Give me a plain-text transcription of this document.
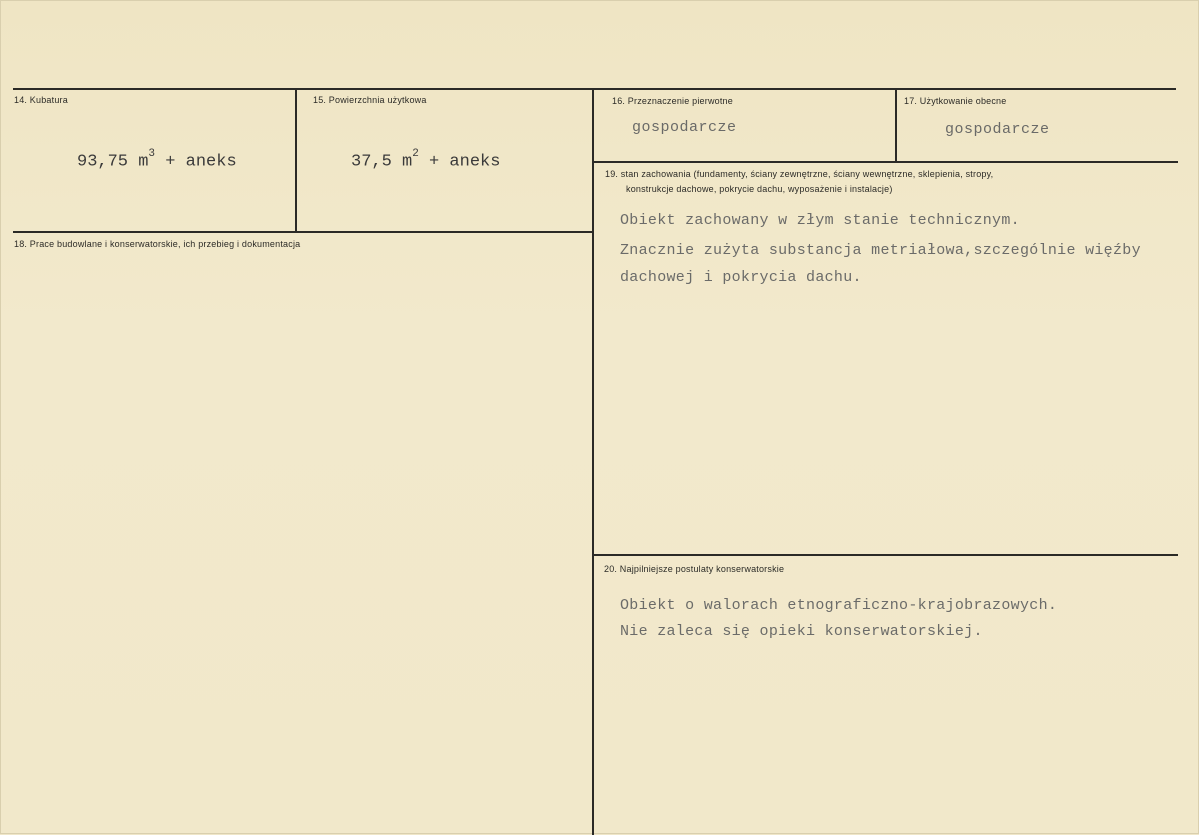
14. Kubatura
93,75 $m^3$ + aneks
15. Powierzchnia użytkowa
37,5 $m^2$ + aneks
16. Przeznaczenie pierwotne
gospodarcze
17. Użytkowanie obecne
gospodarcze
18. Prace budowlane i konserwatorskie, ich przebieg i dokumentacja
19. stan zachowania (fundamenty, ściany zewnętrzne, ściany wewnętrzne, sklepienia, stropy,
konstrukcje dachowe, pokrycie dachu, wyposażenie i instalacje)
Obiekt zachowany w złym stanie technicznym.
Znacznie zużyta substancja metriałowa,szczególnie więźby
dachowej i pokrycia dachu.
20. Najpilniejsze postulaty konserwatorskie
Obiekt o walorach etnograficzno-krajobrazowych.
Nie zaleca się opieki konserwatorskiej.
